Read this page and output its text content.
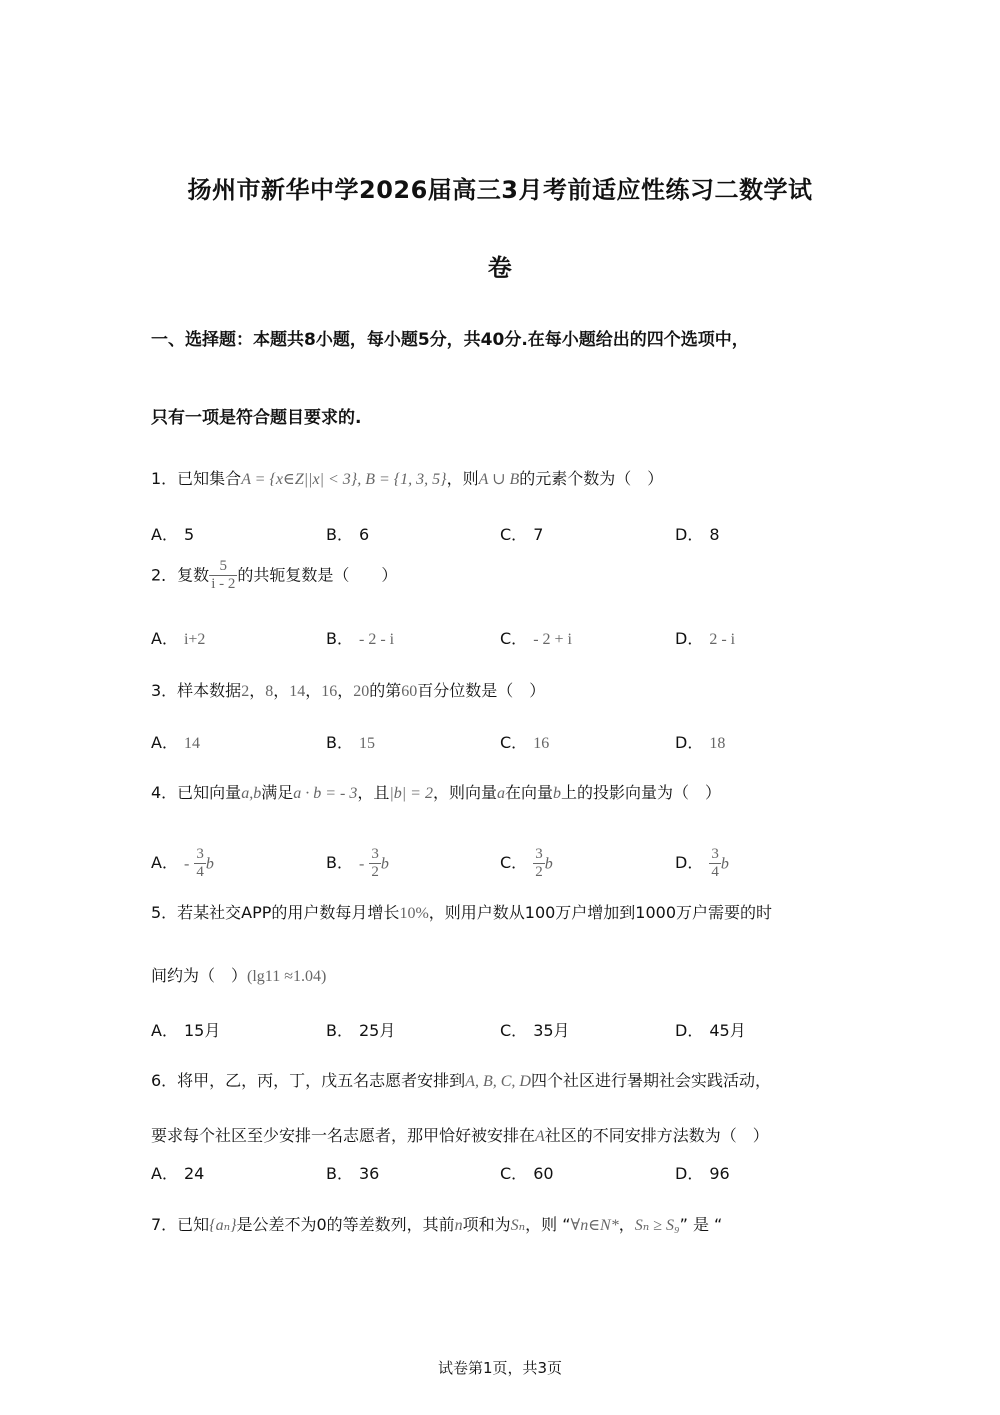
扬州市新华中学2026届高三3月考前适应性练习二数学试
卷
一、选择题：本题共8小题，每小题5分，共40分.在每小题给出的四个选项中，
只有一项是符合题目要求的.
1．已知集合A = {x∈Z||x| < 3}, B = {1, 3, 5}，则A ∪ B的元素个数为（　）
A． 5	B． 6	C． 7	D． 8
2．复数 $\frac{5}{i - 2}$ 的共轭复数是（　　）
A． i+2	B． - 2 - i	C． - 2 + i	D． 2 - i
3．样本数据2，8，14，16，20的第60百分位数是（　）
A． 14	B． 15	C． 16	D． 18
4．已知向量a,b满足a · b = - 3，且|b| = 2，则向量a在向量b上的投影向量为（　）
A． - $\frac{3}{4}$ b	B． - $\frac{3}{2}$ b	C． $\frac{3}{2}$ b	D． $\frac{3}{4}$ b
5．若某社交APP的用户数每月增长10%，则用户数从100万户增加到1000万户需要的时
间约为（　）(lg11 ≈1.04)
A． 15月	B． 25月	C． 35月	D． 45月
6．将甲，乙，丙，丁，戊五名志愿者安排到A, B, C, D四个社区进行暑期社会实践活动，
要求每个社区至少安排一名志愿者，那甲恰好被安排在A社区的不同安排方法数为（　）
A． 24	B． 36	C． 60	D． 96
7．已知{aₙ}是公差不为0的等差数列，其前n项和为Sₙ，则 “∀n∈N*，Sₙ ≥ S₉” 是 “
试卷第1页，共3页
